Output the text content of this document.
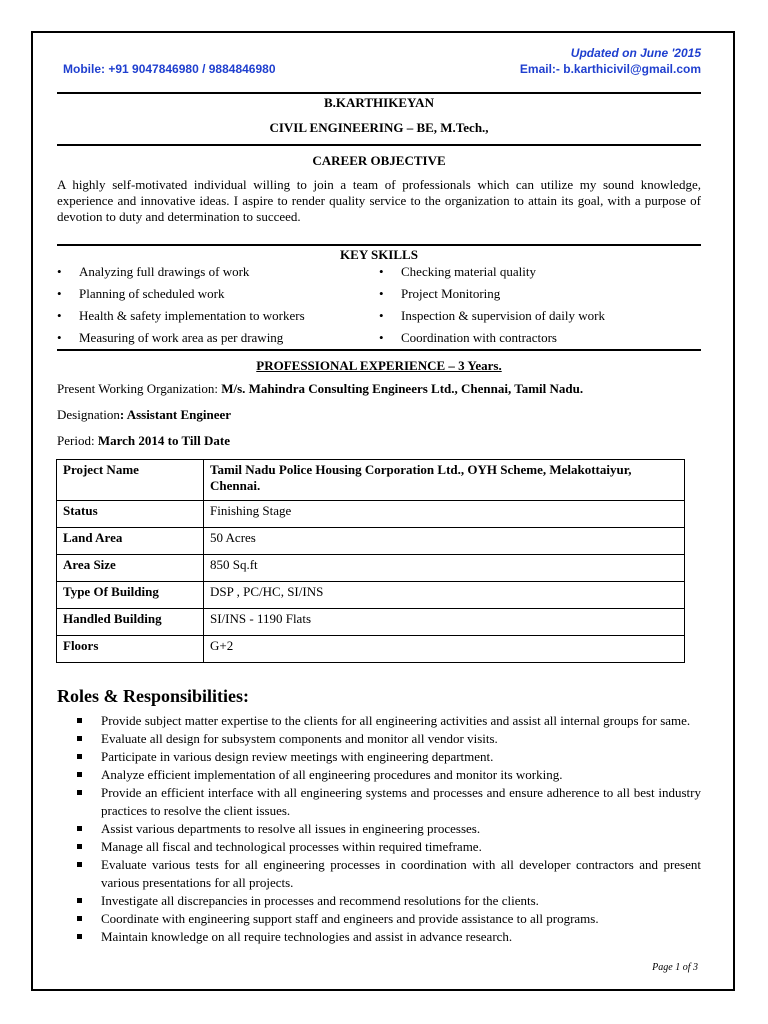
Updated on June '2015
Mobile: +91 9047846980 / 9884846980	Email:- b.karthicivil@gmail.com
B.KARTHIKEYAN
CIVIL ENGINEERING – BE, M.Tech.,
CAREER OBJECTIVE
A highly self-motivated individual willing to join a team of professionals which can utilize my sound knowledge, experience and innovative ideas. I aspire to render quality service to the organization to attain its goal, with a purpose of devotion to duty and determination to succeed.
KEY SKILLS
• Analyzing full drawings of work
• Planning of scheduled work
• Health & safety implementation to workers
• Measuring of work area as per drawing
• Checking material quality
• Project Monitoring
• Inspection & supervision of daily work
• Coordination with contractors
PROFESSIONAL EXPERIENCE – 3 Years.
Present Working Organization: M/s. Mahindra Consulting Engineers Ltd., Chennai, Tamil Nadu.
Designation: Assistant Engineer
Period: March 2014 to Till Date
Project Name	Tamil Nadu Police Housing Corporation Ltd., OYH Scheme, Melakottaiyur, Chennai.
Status	Finishing Stage
Land Area	50 Acres
Area Size	850 Sq.ft
Type Of Building	DSP , PC/HC, SI/INS
Handled Building	SI/INS - 1190 Flats
Floors	G+2
Roles & Responsibilities:
Provide subject matter expertise to the clients for all engineering activities and assist all internal groups for same.
Evaluate all design for subsystem components and monitor all vendor visits.
Participate in various design review meetings with engineering department.
Analyze efficient implementation of all engineering procedures and monitor its working.
Provide an efficient interface with all engineering systems and processes and ensure adherence to all best industry practices to resolve the client issues.
Assist various departments to resolve all issues in engineering processes.
Manage all fiscal and technological processes within required timeframe.
Evaluate various tests for all engineering processes in coordination with all developer contractors and present various presentations for all projects.
Investigate all discrepancies in processes and recommend resolutions for the clients.
Coordinate with engineering support staff and engineers and provide assistance to all programs.
Maintain knowledge on all require technologies and assist in advance research.
Page 1 of 3
